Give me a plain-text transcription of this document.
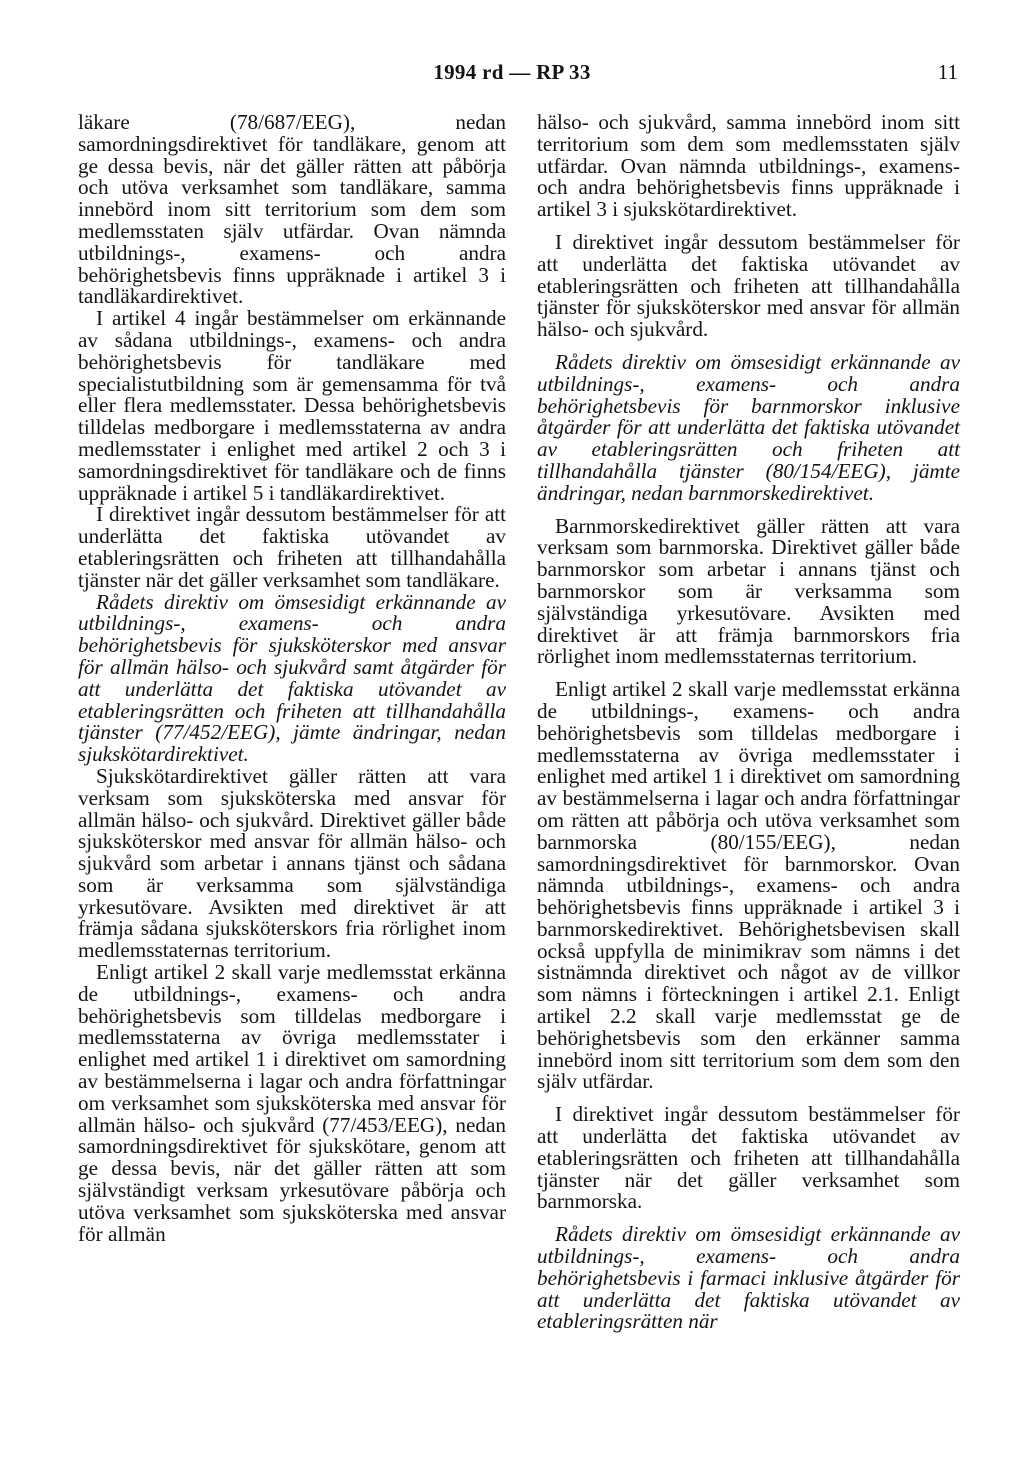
1994 rd — RP 33	11

läkare (78/687/EEG), nedan samordningsdirektivet för tandläkare, genom att ge dessa bevis, när det gäller rätten att påbörja och utöva verksamhet som tandläkare, samma innebörd inom sitt territorium som dem som medlemsstaten själv utfärdar. Ovan nämnda utbildnings-, examens- och andra behörighetsbevis finns uppräknade i artikel 3 i tandläkardirektivet.

I artikel 4 ingår bestämmelser om erkännande av sådana utbildnings-, examens- och andra behörighetsbevis för tandläkare med specialistutbildning som är gemensamma för två eller flera medlemsstater. Dessa behörighetsbevis tilldelas medborgare i medlemsstaterna av andra medlemsstater i enlighet med artikel 2 och 3 i samordningsdirektivet för tandläkare och de finns uppräknade i artikel 5 i tandläkardirektivet.

I direktivet ingår dessutom bestämmelser för att underlätta det faktiska utövandet av etableringsrätten och friheten att tillhandahålla tjänster när det gäller verksamhet som tandläkare.

Rådets direktiv om ömsesidigt erkännande av utbildnings-, examens- och andra behörighetsbevis för sjuksköterskor med ansvar för allmän hälso- och sjukvård samt åtgärder för att underlätta det faktiska utövandet av etableringsrätten och friheten att tillhandahålla tjänster (77/452/EEG), jämte ändringar, nedan sjukskötardirektivet.

Sjukskötardirektivet gäller rätten att vara verksam som sjuksköterska med ansvar för allmän hälso- och sjukvård. Direktivet gäller både sjuksköterskor med ansvar för allmän hälso- och sjukvård som arbetar i annans tjänst och sådana som är verksamma som självständiga yrkesutövare. Avsikten med direktivet är att främja sådana sjuksköterskors fria rörlighet inom medlemsstaternas territorium.

Enligt artikel 2 skall varje medlemsstat erkänna de utbildnings-, examens- och andra behörighetsbevis som tilldelas medborgare i medlemsstaterna av övriga medlemsstater i enlighet med artikel 1 i direktivet om samordning av bestämmelserna i lagar och andra författningar om verksamhet som sjuksköterska med ansvar för allmän hälso- och sjukvård (77/453/EEG), nedan samordningsdirektivet för sjukskötare, genom att ge dessa bevis, när det gäller rätten att som självständigt verksam yrkesutövare påbörja och utöva verksamhet som sjuksköterska med ansvar för allmän

hälso- och sjukvård, samma innebörd inom sitt territorium som dem som medlemsstaten själv utfärdar. Ovan nämnda utbildnings-, examens- och andra behörighetsbevis finns uppräknade i artikel 3 i sjukskötardirektivet.

I direktivet ingår dessutom bestämmelser för att underlätta det faktiska utövandet av etableringsrätten och friheten att tillhandahålla tjänster för sjuksköterskor med ansvar för allmän hälso- och sjukvård.

Rådets direktiv om ömsesidigt erkännande av utbildnings-, examens- och andra behörighetsbevis för barnmorskor inklusive åtgärder för att underlätta det faktiska utövandet av etableringsrätten och friheten att tillhandahålla tjänster (80/154/EEG), jämte ändringar, nedan barnmorskedirektivet.

Barnmorskedirektivet gäller rätten att vara verksam som barnmorska. Direktivet gäller både barnmorskor som arbetar i annans tjänst och barnmorskor som är verksamma som självständiga yrkesutövare. Avsikten med direktivet är att främja barnmorskors fria rörlighet inom medlemsstaternas territorium.

Enligt artikel 2 skall varje medlemsstat erkänna de utbildnings-, examens- och andra behörighetsbevis som tilldelas medborgare i medlemsstaterna av övriga medlemsstater i enlighet med artikel 1 i direktivet om samordning av bestämmelserna i lagar och andra författningar om rätten att påbörja och utöva verksamhet som barnmorska (80/155/EEG), nedan samordningsdirektivet för barnmorskor. Ovan nämnda utbildnings-, examens- och andra behörighetsbevis finns uppräknade i artikel 3 i barnmorskedirektivet. Behörighetsbevisen skall också uppfylla de minimikrav som nämns i det sistnämnda direktivet och något av de villkor som nämns i förteckningen i artikel 2.1. Enligt artikel 2.2 skall varje medlemsstat ge de behörighetsbevis som den erkänner samma innebörd inom sitt territorium som dem som den själv utfärdar.

I direktivet ingår dessutom bestämmelser för att underlätta det faktiska utövandet av etableringsrätten och friheten att tillhandahålla tjänster när det gäller verksamhet som barnmorska.

Rådets direktiv om ömsesidigt erkännande av utbildnings-, examens- och andra behörighetsbevis i farmaci inklusive åtgärder för att underlätta det faktiska utövandet av etableringsrätten när
